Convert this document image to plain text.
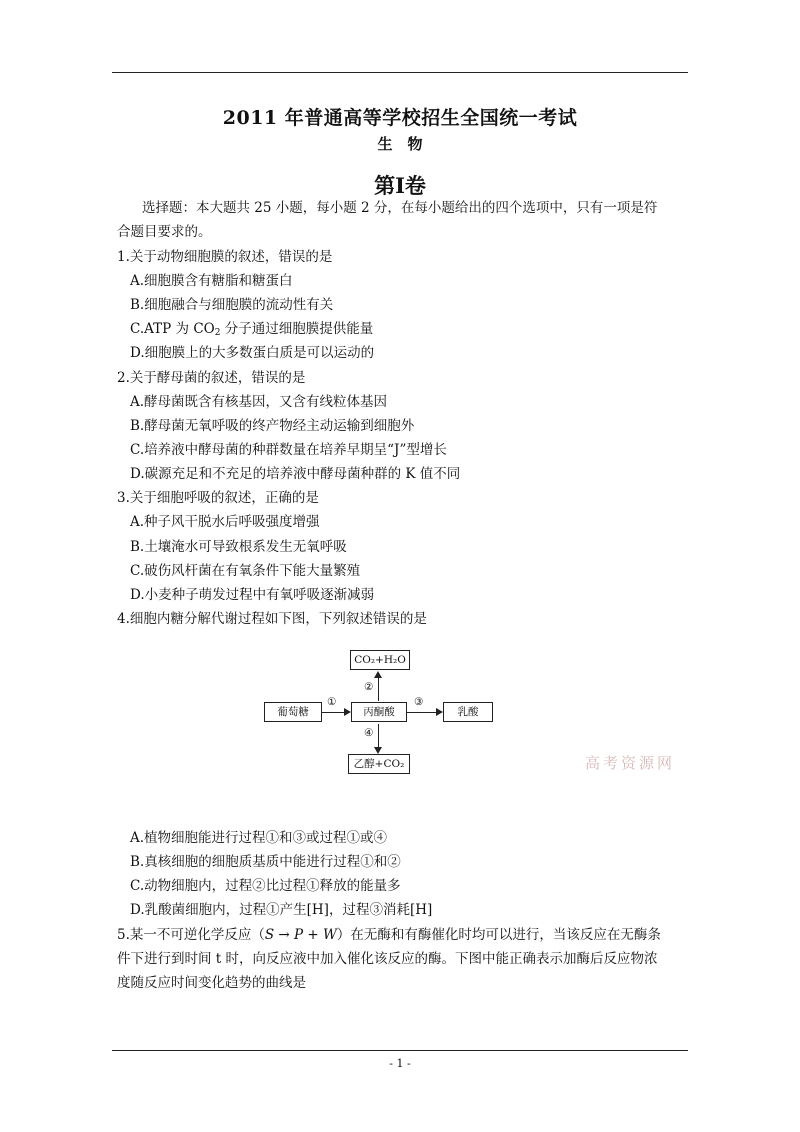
2011 年普通高等学校招生全国统一考试
生　物
第Ⅰ卷
选择题：本大题共 25 小题，每小题 2 分，在每小题给出的四个选项中，只有一项是符
合题目要求的。
1.关于动物细胞膜的叙述，错误的是
A.细胞膜含有糖脂和糖蛋白
B.细胞融合与细胞膜的流动性有关
C.ATP 为 $CO_2$ 分子通过细胞膜提供能量
D.细胞膜上的大多数蛋白质是可以运动的
2.关于酵母菌的叙述，错误的是
A.酵母菌既含有核基因，又含有线粒体基因
B.酵母菌无氧呼吸的终产物经主动运输到细胞外
C.培养液中酵母菌的种群数量在培养早期呈“J”型增长
D.碳源充足和不充足的培养液中酵母菌种群的 K 值不同
3.关于细胞呼吸的叙述，正确的是
A.种子风干脱水后呼吸强度增强
B.土壤淹水可导致根系发生无氧呼吸
C.破伤风杆菌在有氧条件下能大量繁殖
D.小麦种子萌发过程中有氧呼吸逐渐减弱
4.细胞内糖分解代谢过程如下图，下列叙述错误的是
CO₂+H₂O
葡萄糖	丙酮酸	乳酸
乙醇+CO₂
①	③
②
④
高考资源网
A.植物细胞能进行过程①和③或过程①或④
B.真核细胞的细胞质基质中能进行过程①和②
C.动物细胞内，过程②比过程①释放的能量多
D.乳酸菌细胞内，过程①产生[H]，过程③消耗[H]
5.某一不可逆化学反应（S → P + W）在无酶和有酶催化时均可以进行，当该反应在无酶条
件下进行到时间 t 时，向反应液中加入催化该反应的酶。下图中能正确表示加酶后反应物浓
度随反应时间变化趋势的曲线是
- 1 -
